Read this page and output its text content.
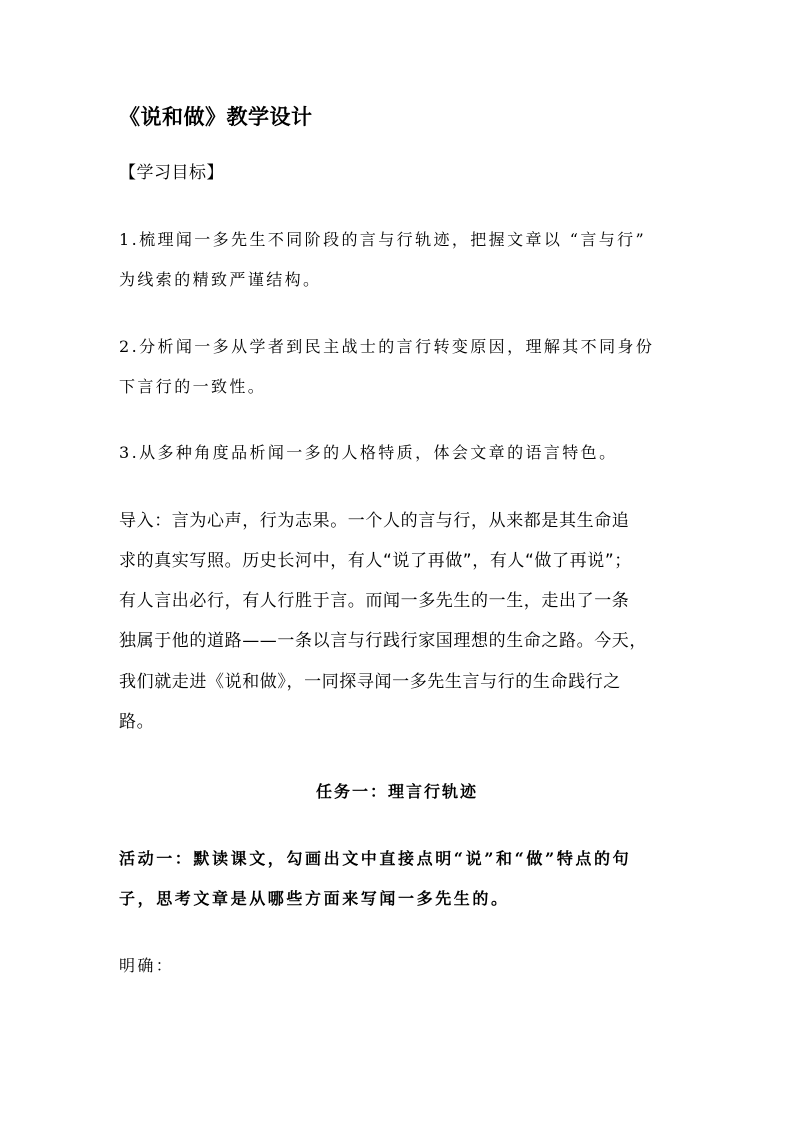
《说和做》教学设计
【学习目标】
1.梳理闻一多先生不同阶段的言与行轨迹，把握文章以 “言与行”
为线索的精致严谨结构。
2.分析闻一多从学者到民主战士的言行转变原因，理解其不同身份
下言行的一致性。
3.从多种角度品析闻一多的人格特质，体会文章的语言特色。
导入：言为心声，行为志果。一个人的言与行，从来都是其生命追
求的真实写照。历史长河中，有人“说了再做”，有人“做了再说”；
有人言出必行，有人行胜于言。而闻一多先生的一生，走出了一条
独属于他的道路——一条以言与行践行家国理想的生命之路。今天，
我们就走进《说和做》，一同探寻闻一多先生言与行的生命践行之
路。
任务一：理言行轨迹
活动一：默读课文，勾画出文中直接点明“说”和“做”特点的句
子，思考文章是从哪些方面来写闻一多先生的。
明确：
